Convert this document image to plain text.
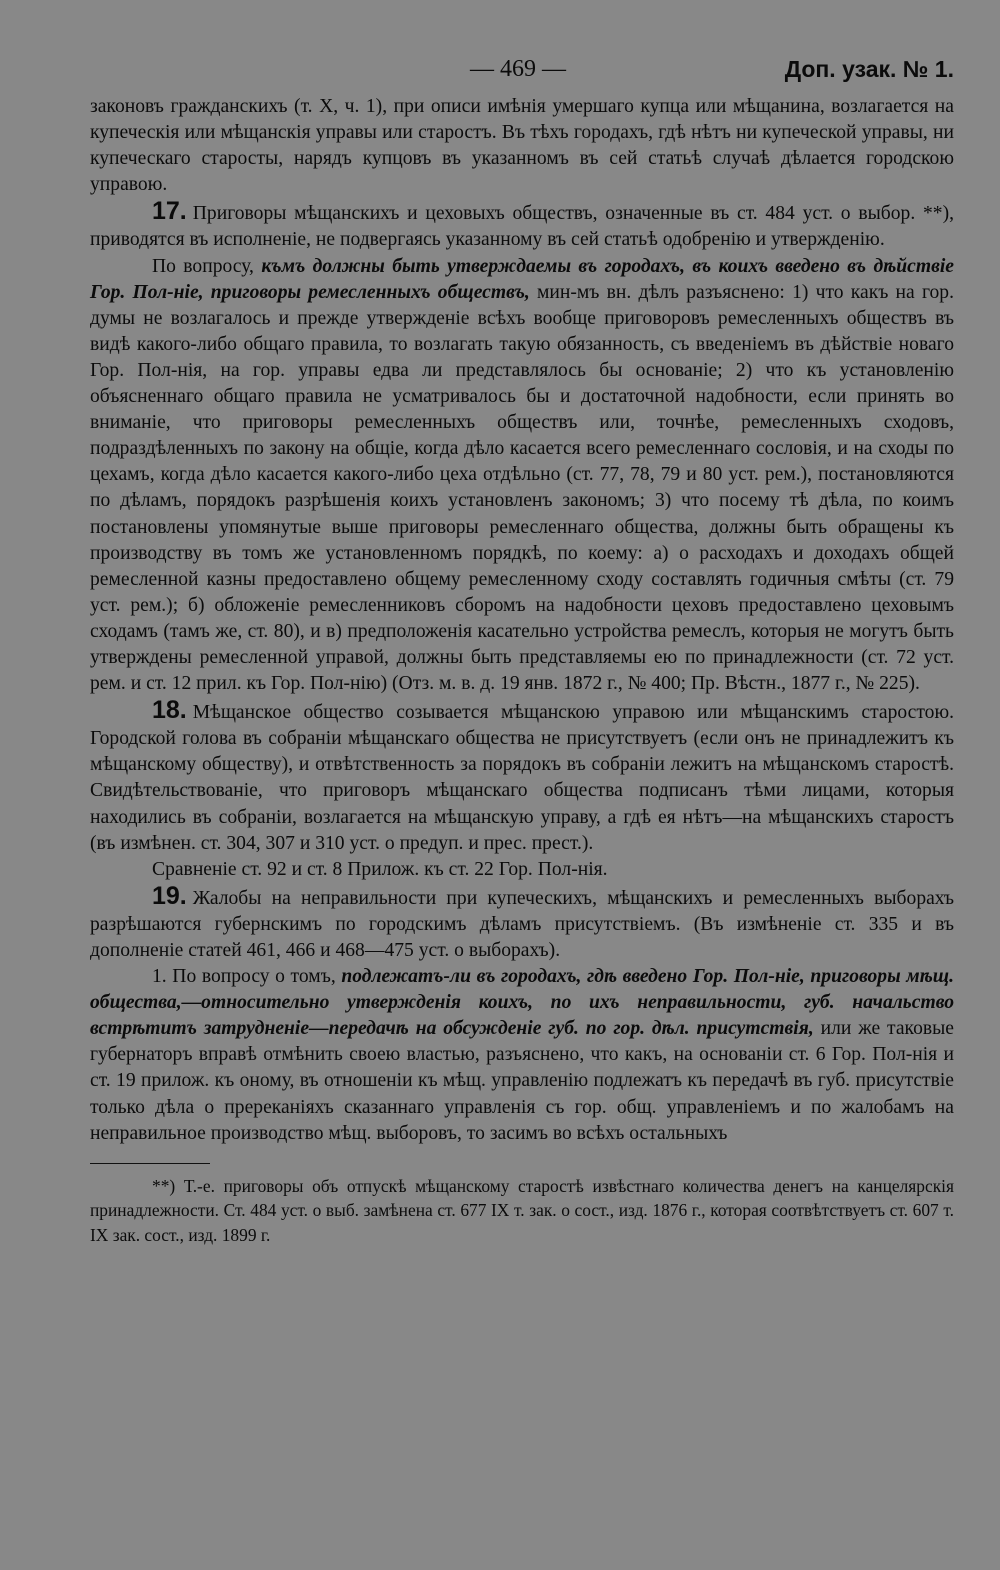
— 469 —	Доп. узак. № 1.

законовъ гражданскихъ (т. X, ч. 1), при описи имѣнія умершаго купца или мѣщанина, возлагается на купеческія или мѣщанскія управы или старостъ. Въ тѣхъ городахъ, гдѣ нѣтъ ни купеческой управы, ни купеческаго старосты, нарядъ купцовъ въ указанномъ въ сей статьѣ случаѣ дѣлается городскою управою.

17. Приговоры мѣщанскихъ и цеховыхъ обществъ, означенные въ ст. 484 уст. о выбор. **), приводятся въ исполненіе, не подвергаясь указанному въ сей статьѣ одобренію и утвержденію.

По вопросу, къмъ должны быть утверждаемы въ городахъ, въ коихъ введено въ дѣйствіе Гор. Пол-ніе, приговоры ремесленныхъ обществъ, мин-мъ вн. дѣлъ разъяснено: 1) что какъ на гор. думы не возлагалось и прежде утвержденіе всѣхъ вообще приговоровъ ремесленныхъ обществъ въ видѣ какого-либо общаго правила, то возлагать такую обязанность, съ введеніемъ въ дѣйствіе новаго Гор. Пол-нія, на гор. управы едва ли представлялось бы основаніе; 2) что къ установленію объясненнаго общаго правила не усматривалось бы и достаточной надобности, если принять во вниманіе, что приговоры ремесленныхъ обществъ или, точнѣе, ремесленныхъ сходовъ, подраздѣленныхъ по закону на общіе, когда дѣло касается всего ремесленнаго сословія, и на сходы по цехамъ, когда дѣло касается какого-либо цеха отдѣльно (ст. 77, 78, 79 и 80 уст. рем.), постановляются по дѣламъ, порядокъ разрѣшенія коихъ установленъ закономъ; 3) что посему тѣ дѣла, по коимъ постановлены упомянутые выше приговоры ремесленнаго общества, должны быть обращены къ производству въ томъ же установленномъ порядкѣ, по коему: а) о расходахъ и доходахъ общей ремесленной казны предоставлено общему ремесленному сходу составлять годичныя смѣты (ст. 79 уст. рем.); б) обложеніе ремесленниковъ сборомъ на надобности цеховъ предоставлено цеховымъ сходамъ (тамъ же, ст. 80), и в) предположенія касательно устройства ремеслъ, которыя не могутъ быть утверждены ремесленной управой, должны быть представляемы ею по принадлежности (ст. 72 уст. рем. и ст. 12 прил. къ Гор. Пол-нію) (Отз. м. в. д. 19 янв. 1872 г., № 400; Пр. Вѣстн., 1877 г., № 225).

18. Мѣщанское общество созывается мѣщанскою управою или мѣщанскимъ старостою. Городской голова въ собраніи мѣщанскаго общества не присутствуетъ (если онъ не принадлежитъ къ мѣщанскому обществу), и отвѣтственность за порядокъ въ собраніи лежитъ на мѣщанскомъ старостѣ. Свидѣтельствованіе, что приговоръ мѣщанскаго общества подписанъ тѣми лицами, которыя находились въ собраніи, возлагается на мѣщанскую управу, а гдѣ ея нѣтъ—на мѣщанскихъ старостъ (въ измѣнен. ст. 304, 307 и 310 уст. о предуп. и прес. прест.).

Сравненіе ст. 92 и ст. 8 Прилож. къ ст. 22 Гор. Пол-нія.

19. Жалобы на неправильности при купеческихъ, мѣщанскихъ и ремесленныхъ выборахъ разрѣшаются губернскимъ по городскимъ дѣламъ присутствіемъ. (Въ измѣненіе ст. 335 и въ дополненіе статей 461, 466 и 468—475 уст. о выборахъ).

1. По вопросу о томъ, подлежатъ-ли въ городахъ, гдѣ введено Гор. Пол-ніе, приговоры мѣщ. общества,—относительно утвержденія коихъ, по ихъ неправильности, губ. начальство встрѣтитъ затрудненіе—передачѣ на обсужденіе губ. по гор. дѣл. присутствія, или же таковые губернаторъ вправѣ отмѣнить своею властью, разъяснено, что какъ, на основаніи ст. 6 Гор. Пол-нія и ст. 19 прилож. къ оному, въ отношеніи къ мѣщ. управленію подлежатъ къ передачѣ въ губ. присутствіе только дѣла о пререканіяхъ сказаннаго управленія съ гор. общ. управленіемъ и по жалобамъ на неправильное производство мѣщ. выборовъ, то засимъ во всѣхъ остальныхъ

**) Т.-е. приговоры объ отпускѣ мѣщанскому старостѣ извѣстнаго количества денегъ на канцелярскія принадлежности. Ст. 484 уст. о выб. замѣнена ст. 677 IX т. зак. о сост., изд. 1876 г., которая соотвѣтствуетъ ст. 607 т. IX зак. сост., изд. 1899 г.
